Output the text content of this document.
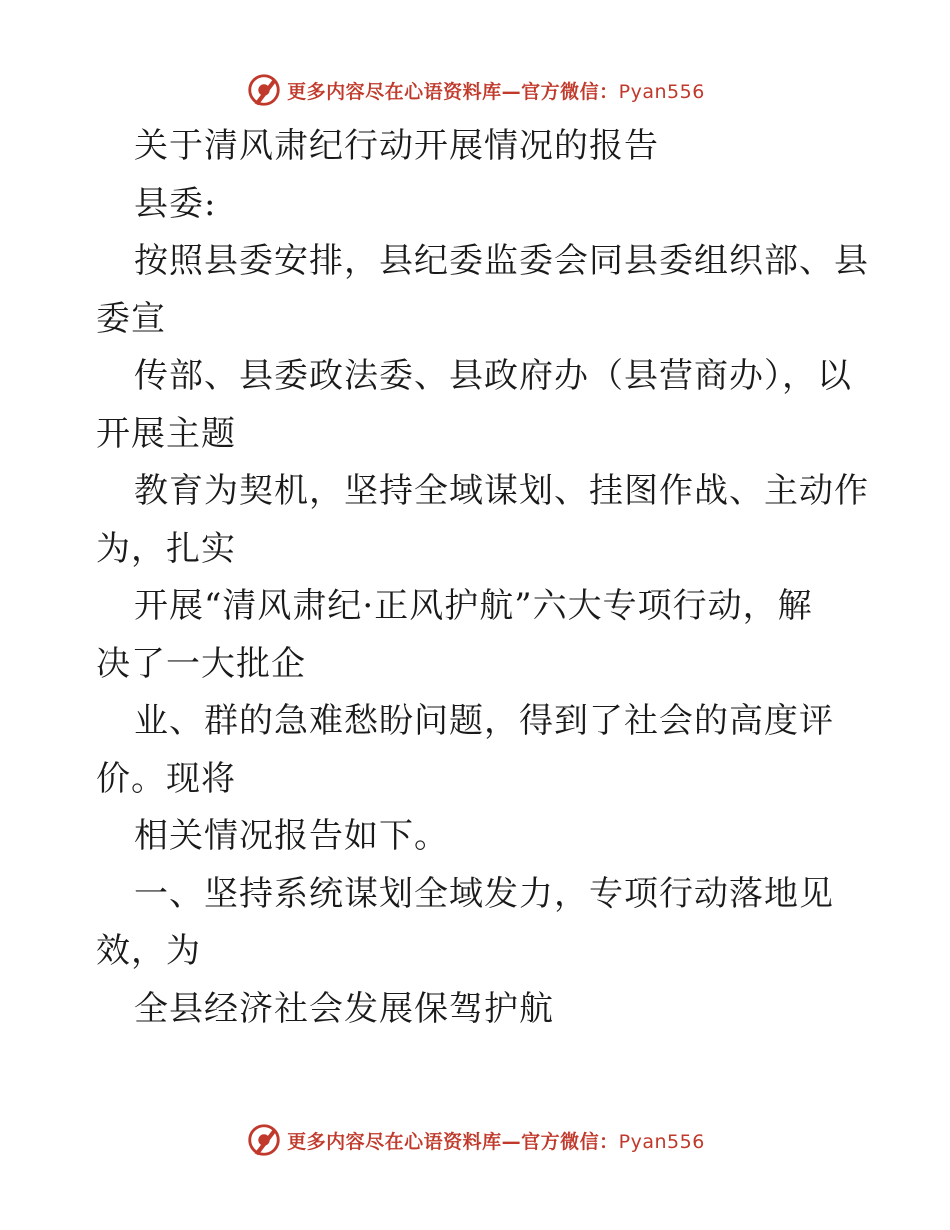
更多内容尽在心语资料库—官方微信：Pyan556
关于清风肃纪行动开展情况的报告
县委:
按照县委安排，县纪委监委会同县委组织部、县
委宣
传部、县委政法委、县政府办（县营商办），以
开展主题
教育为契机，坚持全域谋划、挂图作战、主动作
为，扎实
开展“清风肃纪·正风护航”六大专项行动，解
决了一大批企
业、群的急难愁盼问题，得到了社会的高度评
价。现将
相关情况报告如下。
一、坚持系统谋划全域发力，专项行动落地见
效，为
全县经济社会发展保驾护航
更多内容尽在心语资料库—官方微信：Pyan556
